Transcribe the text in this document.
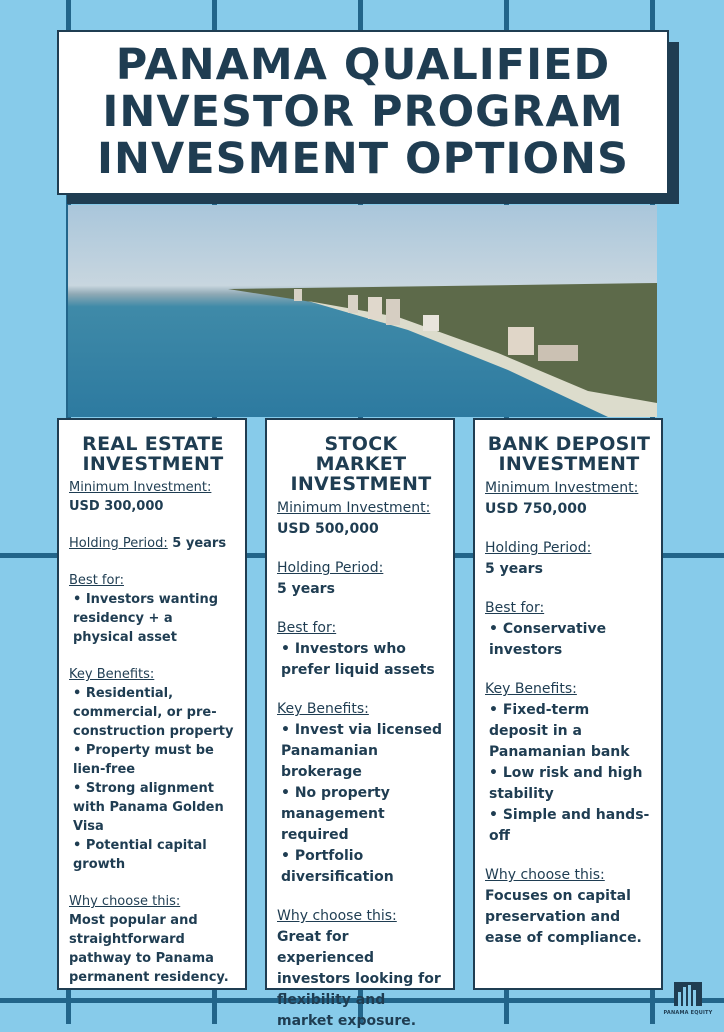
PANAMA QUALIFIED
INVESTOR PROGRAM
INVESMENT OPTIONS
REAL ESTATE
INVESTMENT

Minimum Investment:

USD 300,000

Holding Period: 5 years

Best for:

• Investors wanting residency + a physical asset

Key Benefits:

• Residential, commercial, or pre-construction property
• Property must be lien-free
• Strong alignment with Panama Golden Visa
• Potential capital growth

Why choose this:

Most popular and straightforward pathway to Panama permanent residency.

STOCK MARKET
INVESTMENT

Minimum Investment:

USD 500,000

Holding Period:

5 years

Best for:

• Investors who prefer liquid assets

Key Benefits:

• Invest via licensed Panamanian brokerage
• No property management required
• Portfolio diversification

Why choose this:

Great for experienced investors looking for flexibility and market exposure.

BANK DEPOSIT
INVESTMENT

Minimum Investment:

USD 750,000

Holding Period:

5 years

Best for:

• Conservative investors

Key Benefits:

• Fixed-term deposit in a Panamanian bank
• Low risk and high stability
• Simple and hands-off

Why choose this:

Focuses on capital preservation and ease of compliance.

PANAMA EQUITY
